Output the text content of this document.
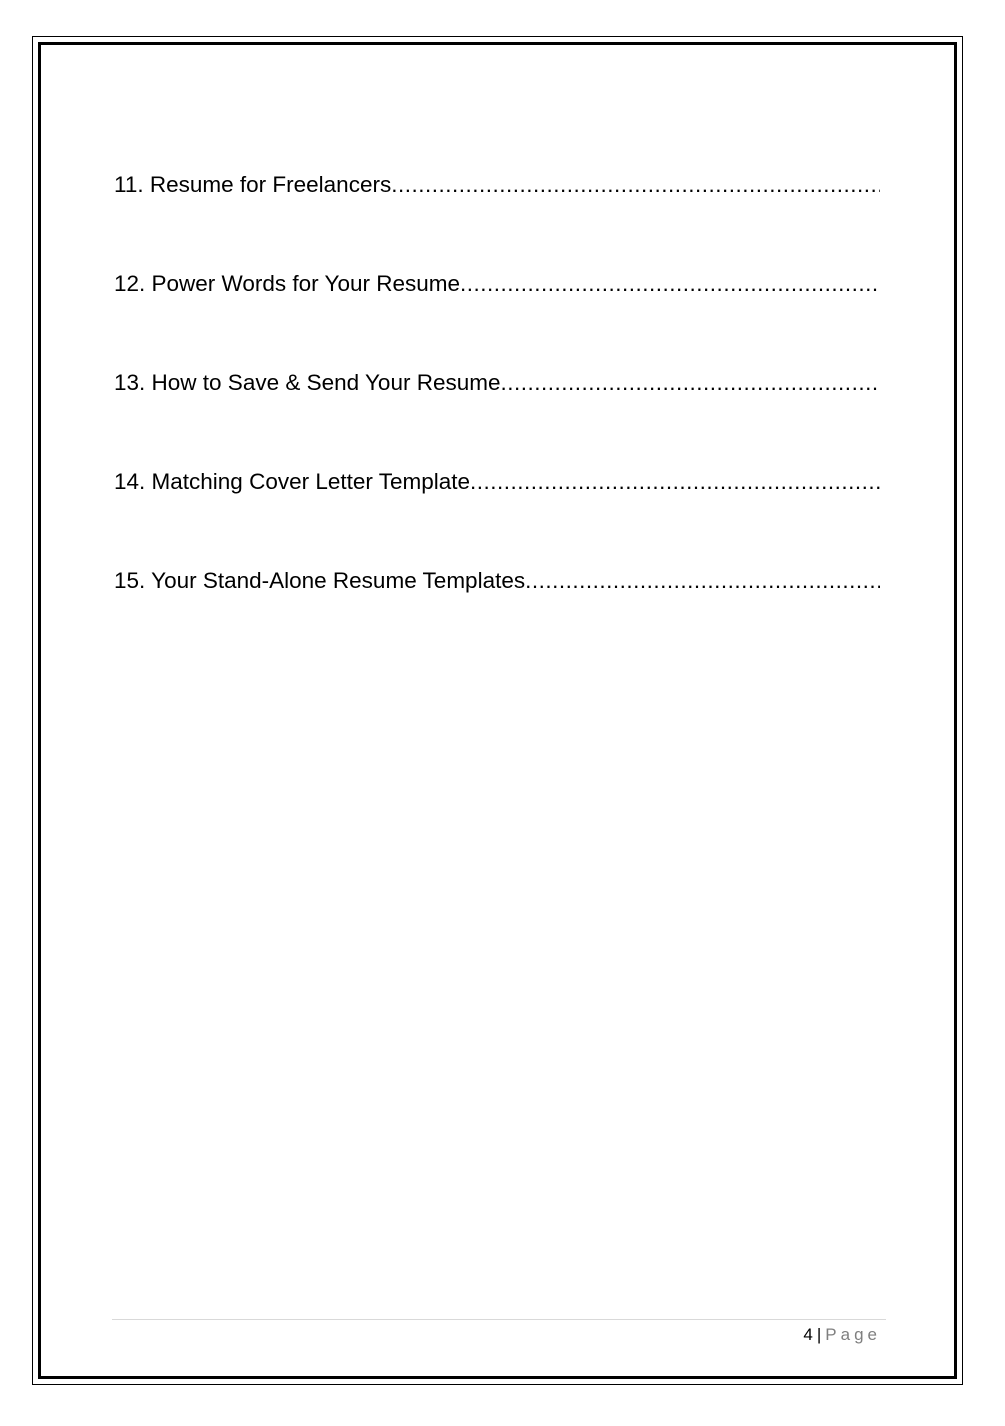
11. Resume for Freelancers
.....
12. Power Words for Your Resume
.....
13. How to Save & Send Your Resume
.....
14. Matching Cover Letter Template
.....
15. Your Stand-Alone Resume Templates
.....
4 | Page
